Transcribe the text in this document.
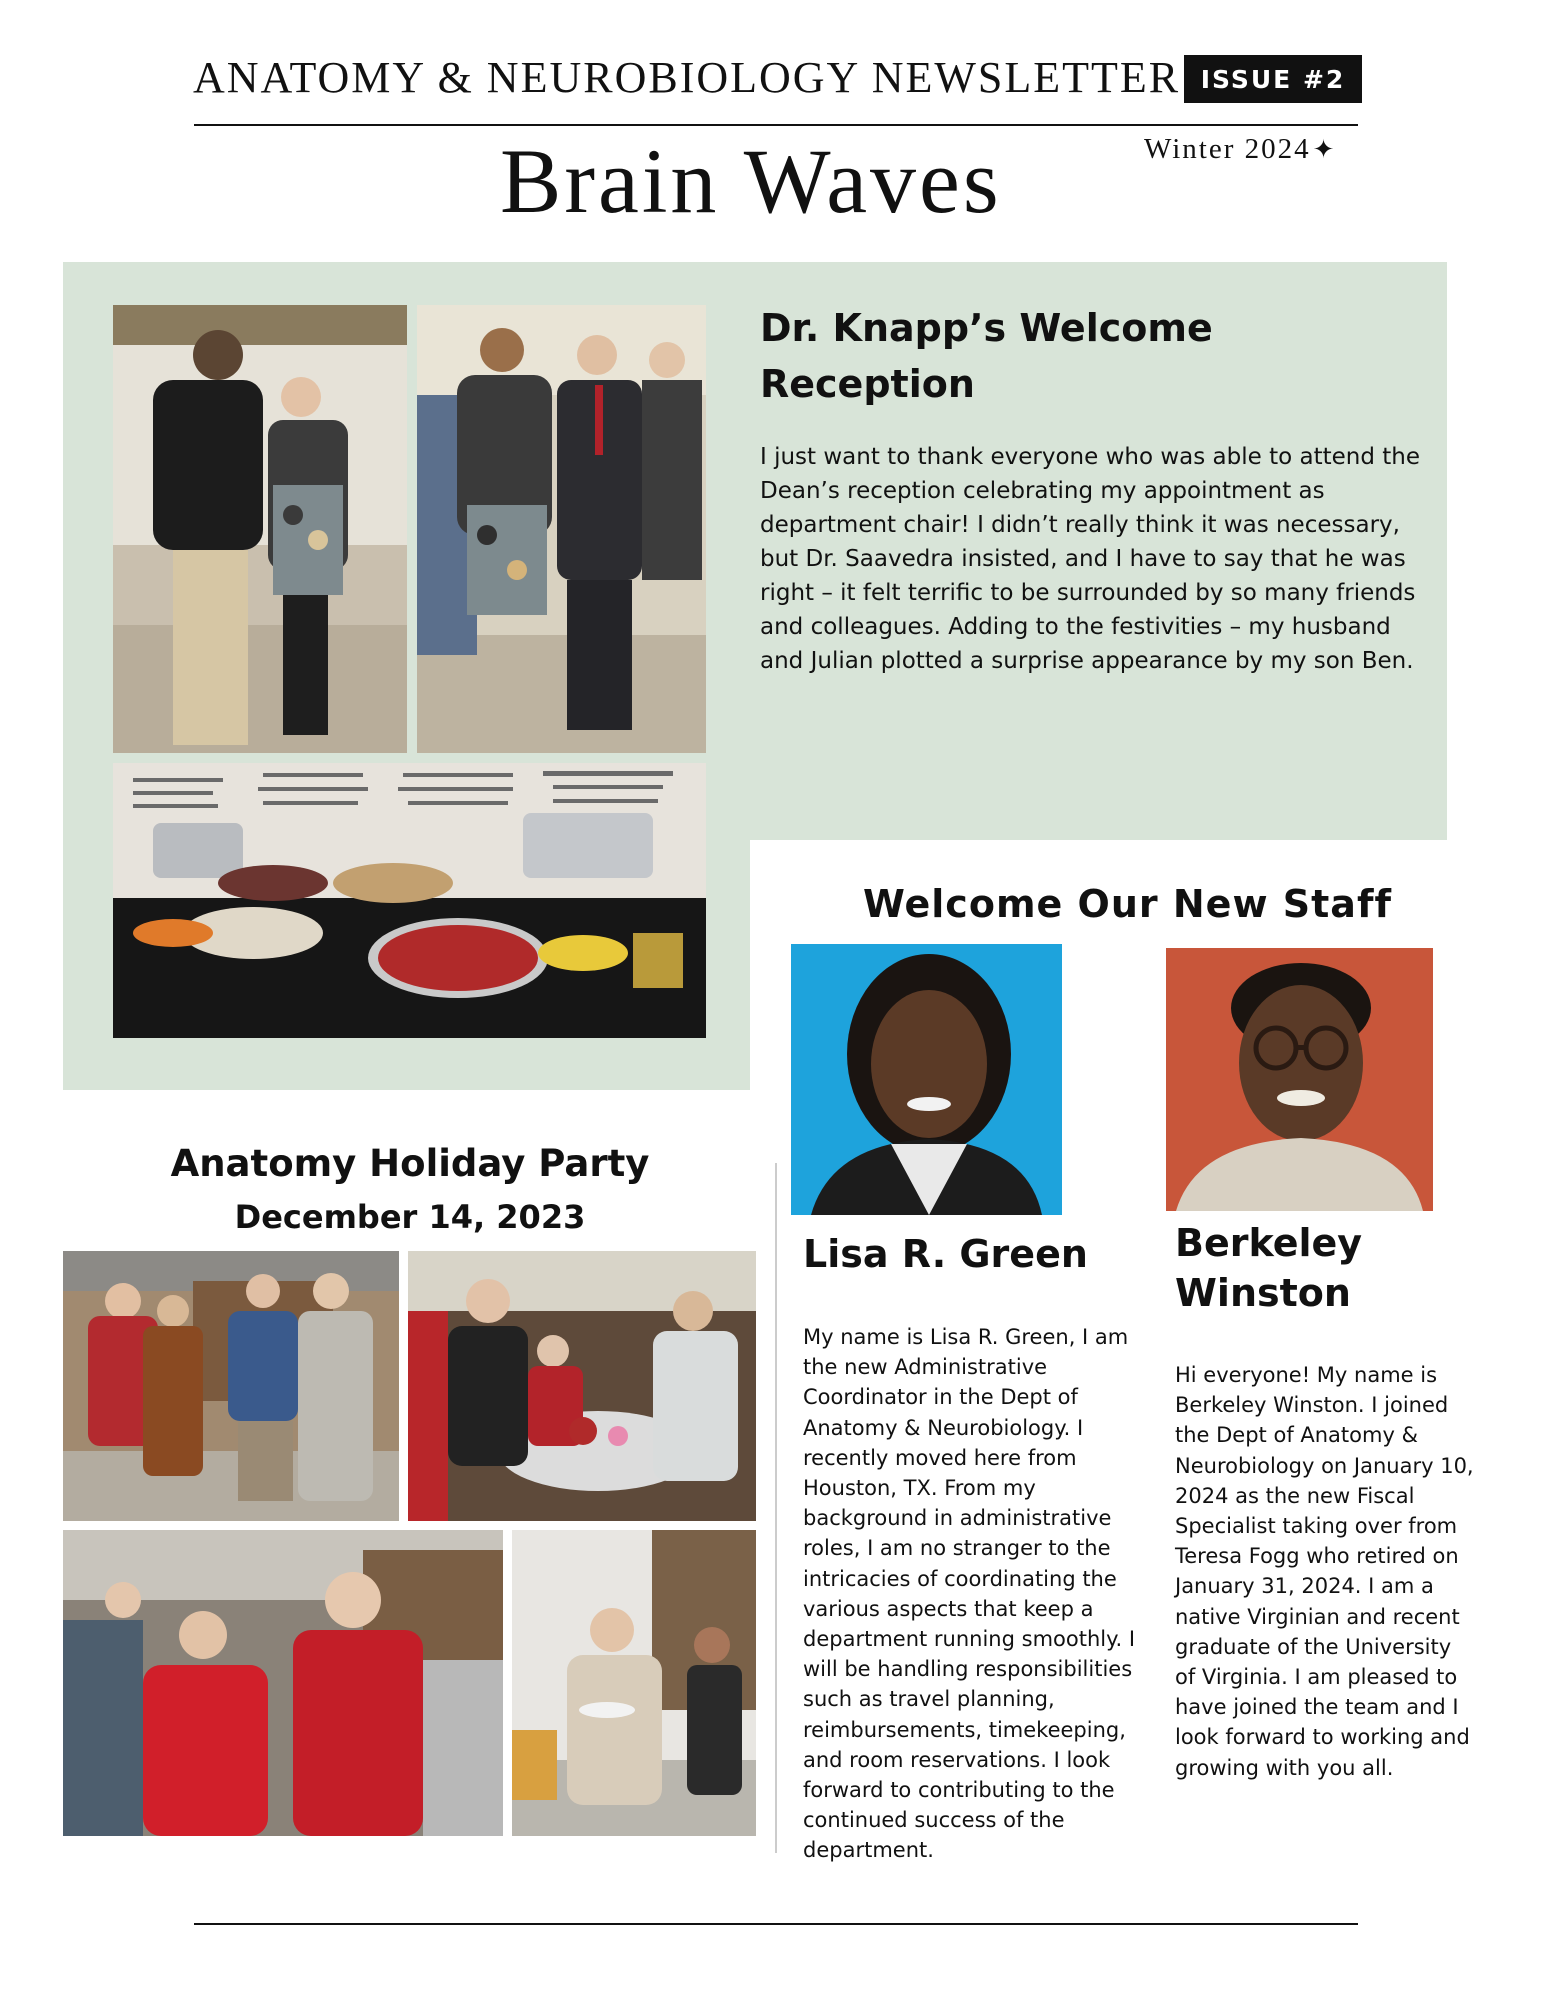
ANATOMY & NEUROBIOLOGY NEWSLETTER ISSUE #2
Brain Waves	Winter 2024✦
Dr. Knapp’s Welcome Reception
I just want to thank everyone who was able to attend the Dean’s reception celebrating my appointment as department chair! I didn’t really think it was necessary, but Dr. Saavedra insisted, and I have to say that he was right – it felt terrific to be surrounded by so many friends and colleagues. Adding to the festivities – my husband and Julian plotted a surprise appearance by my son Ben.
Welcome Our New Staff
Lisa R. Green
My name is Lisa R. Green, I am the new Administrative Coordinator in the Dept of Anatomy & Neurobiology. I recently moved here from Houston, TX. From my background in administrative roles, I am no stranger to the intricacies of coordinating the various aspects that keep a department running smoothly. I will be handling responsibilities such as travel planning, reimbursements, timekeeping, and room reservations. I look forward to contributing to the continued success of the department.
Berkeley Winston
Hi everyone! My name is Berkeley Winston. I joined the Dept of Anatomy & Neurobiology on January 10, 2024 as the new Fiscal Specialist taking over from Teresa Fogg who retired on January 31, 2024. I am a native Virginian and recent graduate of the University of Virginia. I am pleased to have joined the team and I look forward to working and growing with you all.
Anatomy Holiday Party
December 14, 2023
